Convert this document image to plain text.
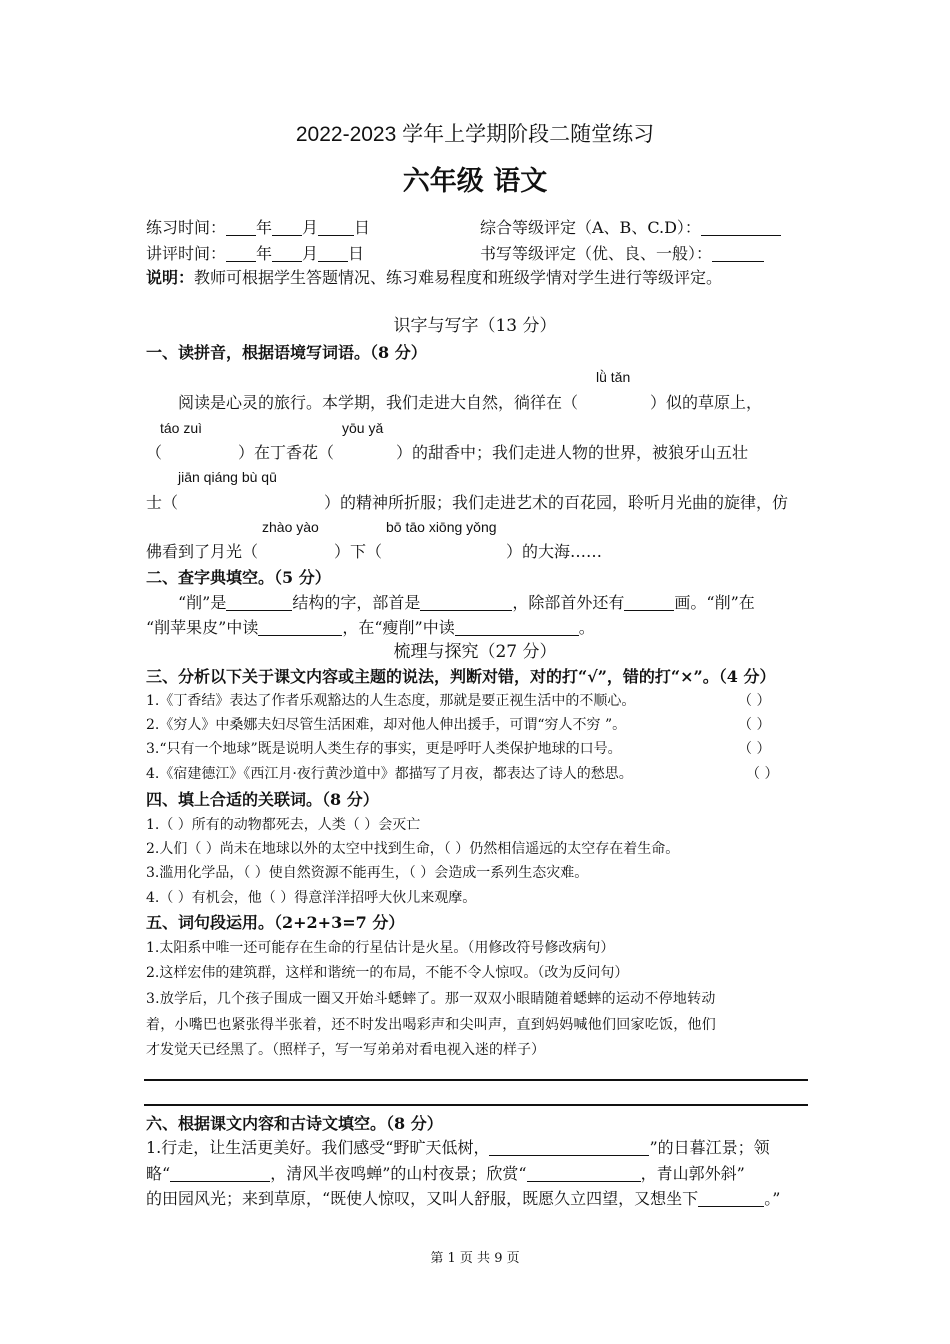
2022-2023 学年上学期阶段二随堂练习
六年级 语文
练习时间： 年 月 日	综合等级评定（A、B、C.D）：
讲评时间： 年 月 日	书写等级评定（优、良、一般）：
说明：教师可根据学生答题情况、练习难易程度和班级学情对学生进行等级评定。
识字与写字（13 分）
一、读拼音，根据语境写词语。（8 分）
lǜ tǎn
阅读是心灵的旅行。本学期，我们走进大自然，徜徉在（	）似的草原上，
táo zuì	yōu yǎ
（	）在丁香花（	）的甜香中；我们走进人物的世界，被狼牙山五壮
jiān qiáng bù qū
士（	）的精神所折服；我们走进艺术的百花园，聆听月光曲的旋律，仿
zhào yào	bō tāo xiōng yǒng
佛看到了月光（	）下（	）的大海……
二、查字典填空。（5 分）
“削”是	结构的字，部首是	，除部首外还有	画。“削”在
“削苹果皮”中读	，在“瘦削”中读	。
梳理与探究（27 分）
三、分析以下关于课文内容或主题的说法，判断对错，对的打“√”，错的打“×”。（4 分）
1.《丁香结》表达了作者乐观豁达的人生态度，那就是要正视生活中的不顺心。	（ ）
2.《穷人》中桑娜夫妇尽管生活困难，却对他人伸出援手，可谓“穷人不穷 ”。	（ ）
3.“只有一个地球”既是说明人类生存的事实，更是呼吁人类保护地球的口号。	（ ）
4.《宿建德江》《西江月·夜行黄沙道中》都描写了月夜，都表达了诗人的愁思。	（ ）
四、填上合适的关联词。（8 分）
1.（ ）所有的动物都死去，人类（ ）会灭亡
2.人们（ ）尚未在地球以外的太空中找到生命，（ ）仍然相信遥远的太空存在着生命。
3.滥用化学品，（ ）使自然资源不能再生，（ ）会造成一系列生态灾难。
4.（ ）有机会，他（ ）得意洋洋招呼大伙儿来观摩。
五、词句段运用。（2+2+3=7 分）
1.太阳系中唯一还可能存在生命的行星估计是火星。（用修改符号修改病句）
2.这样宏伟的建筑群，这样和谐统一的布局，不能不令人惊叹。（改为反问句）
3.放学后，几个孩子围成一圈又开始斗蟋蟀了。那一双双小眼睛随着蟋蟀的运动不停地转动
着，小嘴巴也紧张得半张着，还不时发出喝彩声和尖叫声，直到妈妈喊他们回家吃饭，他们
才发觉天已经黑了。（照样子，写一写弟弟对看电视入迷的样子）
六、根据课文内容和古诗文填空。（8 分）
1.行走，让生活更美好。我们感受“野旷天低树，	”的日暮江景；领
略“	，清风半夜鸣蝉”的山村夜景；欣赏“	，青山郭外斜”
的田园风光；来到草原，“既使人惊叹，又叫人舒服，既愿久立四望，又想坐下	。”
第 1 页 共 9 页
